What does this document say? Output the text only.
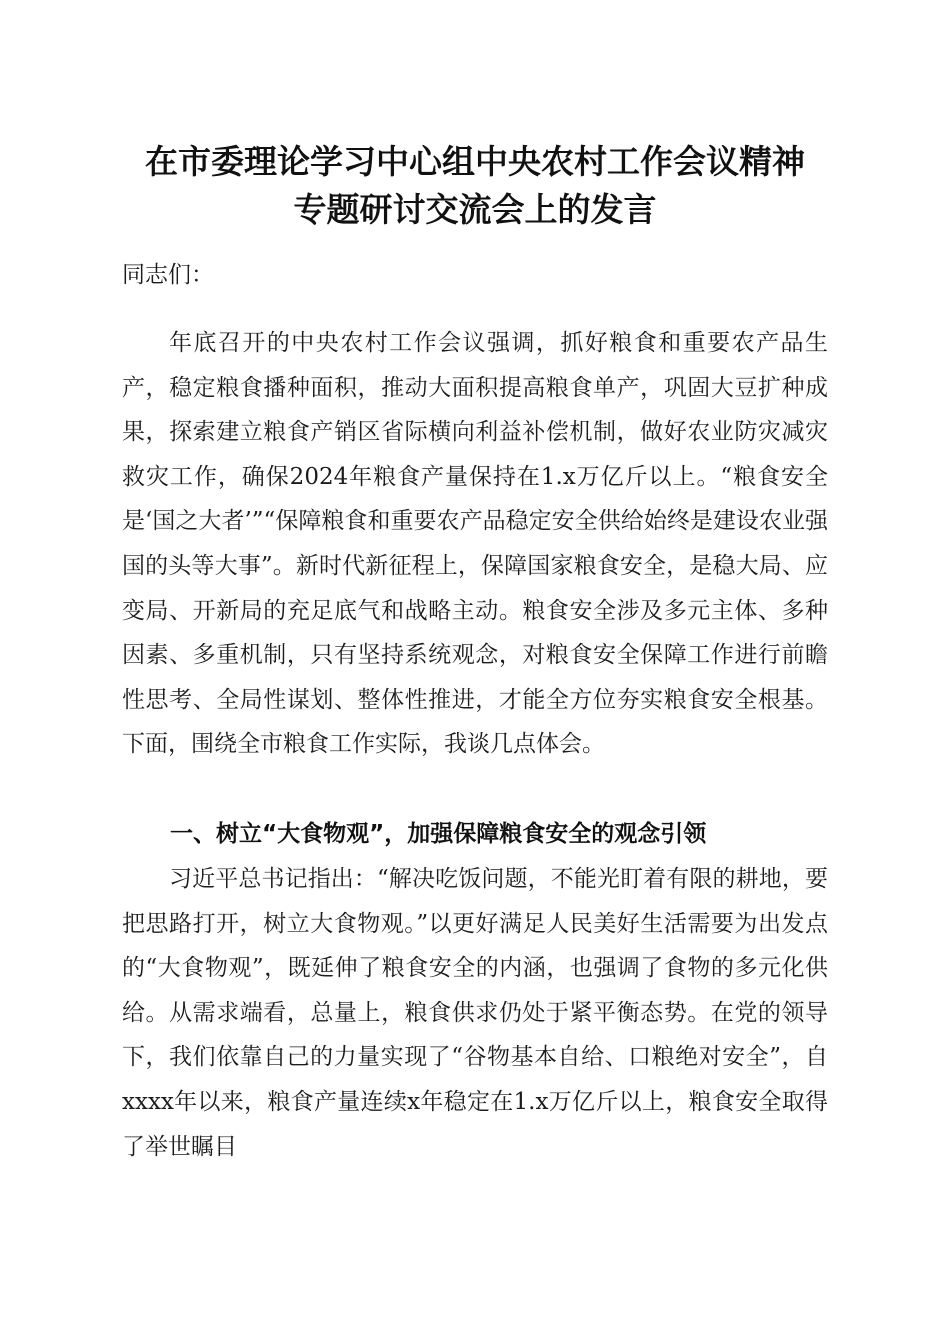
在市委理论学习中心组中央农村工作会议精神
专题研讨交流会上的发言

同志们：

年底召开的中央农村工作会议强调，抓好粮食和重要农产品生产，稳定粮食播种面积，推动大面积提高粮食单产，巩固大豆扩种成果，探索建立粮食产销区省际横向利益补偿机制，做好农业防灾减灾救灾工作，确保2024年粮食产量保持在1.x万亿斤以上。“粮食安全是‘国之大者’”“保障粮食和重要农产品稳定安全供给始终是建设农业强国的头等大事”。新时代新征程上，保障国家粮食安全，是稳大局、应变局、开新局的充足底气和战略主动。粮食安全涉及多元主体、多种因素、多重机制，只有坚持系统观念，对粮食安全保障工作进行前瞻性思考、全局性谋划、整体性推进，才能全方位夯实粮食安全根基。下面，围绕全市粮食工作实际，我谈几点体会。

一、树立“大食物观”，加强保障粮食安全的观念引领

习近平总书记指出：“解决吃饭问题，不能光盯着有限的耕地，要把思路打开，树立大食物观。”以更好满足人民美好生活需要为出发点的“大食物观”，既延伸了粮食安全的内涵，也强调了食物的多元化供给。从需求端看，总量上，粮食供求仍处于紧平衡态势。在党的领导下，我们依靠自己的力量实现了“谷物基本自给、口粮绝对安全”，自xxxx年以来，粮食产量连续x年稳定在1.x万亿斤以上，粮食安全取得了举世瞩目
